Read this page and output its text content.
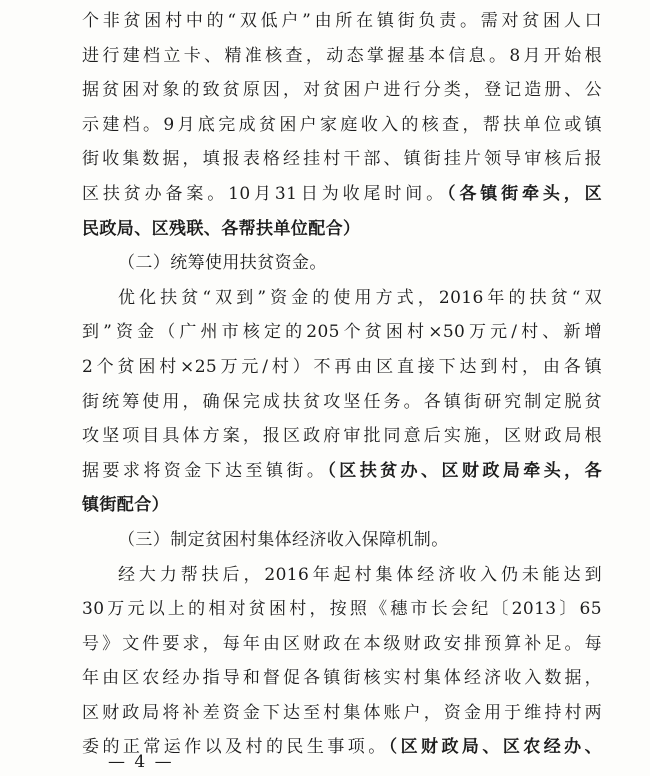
个非贫困村中的“双低户”由所在镇街负责。需对贫困人口
进行建档立卡、精准核查，动态掌握基本信息。8月开始根
据贫困对象的致贫原因，对贫困户进行分类，登记造册、公
示建档。9月底完成贫困户家庭收入的核查，帮扶单位或镇
街收集数据，填报表格经挂村干部、镇街挂片领导审核后报
区扶贫办备案。10月31日为收尾时间。（各镇街牵头，区
民政局、区残联、各帮扶单位配合）
（二）统筹使用扶贫资金。
优化扶贫“双到”资金的使用方式，2016年的扶贫“双
到”资金（广州市核定的205个贫困村×50万元/村、新增
2个贫困村×25万元/村）不再由区直接下达到村，由各镇
街统筹使用，确保完成扶贫攻坚任务。各镇街研究制定脱贫
攻坚项目具体方案，报区政府审批同意后实施，区财政局根
据要求将资金下达至镇街。（区扶贫办、区财政局牵头，各
镇街配合）
（三）制定贫困村集体经济收入保障机制。
经大力帮扶后，2016年起村集体经济收入仍未能达到
30万元以上的相对贫困村，按照《穗市长会纪〔2013〕65
号》文件要求，每年由区财政在本级财政安排预算补足。每
年由区农经办指导和督促各镇街核实村集体经济收入数据，
区财政局将补差资金下达至村集体账户，资金用于维持村两
委的正常运作以及村的民生事项。（区财政局、区农经办、
— 4 —
